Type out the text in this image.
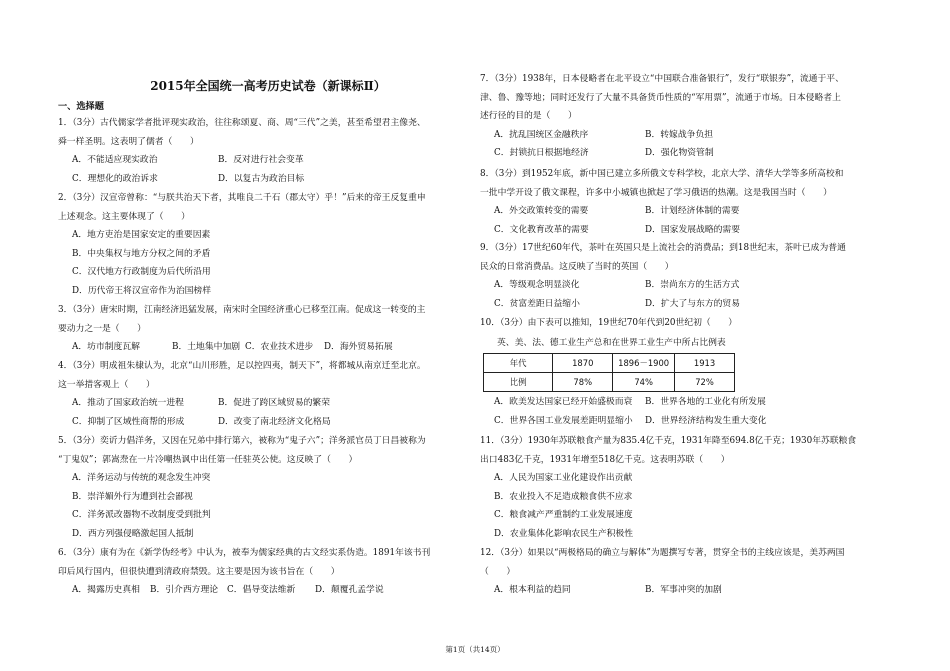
2015年全国统一高考历史试卷（新课标Ⅱ）
一、选择题
1．（3分）古代儒家学者批评现实政治，往往称颂夏、商、周“三代”之美，甚至希望君主像尧、
舜一样圣明。这表明了儒者（　　）
A．不能适应现实政治	B．反对进行社会变革
C．理想化的政治诉求	D．以复古为政治目标
2．（3分）汉宣帝曾称：“与朕共治天下者，其唯良二千石（郡太守）乎！”后来的帝王反复重申
上述观念。这主要体现了（　　）
A．地方吏治是国家安定的重要因素
B．中央集权与地方分权之间的矛盾
C．汉代地方行政制度为后代所沿用
D．历代帝王将汉宣帝作为治国榜样
3．（3分）唐宋时期，江南经济迅猛发展，南宋时全国经济重心已移至江南。促成这一转变的主
要动力之一是（　　）
A．坊市制度瓦解	B．土地集中加剧 C．农业技术进步 D．海外贸易拓展
4．（3分）明成祖朱棣认为，北京“山川形胜，足以控四夷，制天下”，将都城从南京迁至北京。
这一举措客观上（　　）
A．推动了国家政治统一进程	B．促进了跨区域贸易的繁荣
C．抑制了区域性商帮的形成	D．改变了南北经济文化格局
5．（3分）奕䜣力倡洋务，又因在兄弟中排行第六，被称为“鬼子六”；洋务派官员丁日昌被称为
“丁鬼奴”；郭嵩焘在一片冷嘲热讽中出任第一任驻英公使。这反映了（　　）
A．洋务运动与传统的观念发生冲突
B．崇洋媚外行为遭到社会鄙视
C．洋务派改器物不改制度受到批判
D．西方列强侵略激起国人抵制
6．（3分）康有为在《新学伪经考》中认为，被奉为儒家经典的古文经实系伪造。1891年该书刊
印后风行国内，但很快遭到清政府禁毁。这主要是因为该书旨在（　　）
A．揭露历史真相 B．引介西方理论 C．倡导变法维新 D．颠覆孔孟学说
7．（3分）1938年，日本侵略者在北平设立“中国联合准备银行”，发行“联银券”，流通于平、
津、鲁、豫等地；同时还发行了大量不具备货币性质的“军用票”，流通于市场。日本侵略者上
述行径的目的是（　　）
A．扰乱国统区金融秩序	B．转嫁战争负担
C．封锁抗日根据地经济	D．强化物资管制
8．（3分）到1952年底，新中国已建立多所俄文专科学校，北京大学、清华大学等多所高校和
一批中学开设了俄文课程，许多中小城镇也掀起了学习俄语的热潮。这是我国当时（　　）
A．外交政策转变的需要	B．计划经济体制的需要
C．文化教育改革的需要	D．国家发展战略的需要
9．（3分）17世纪60年代，茶叶在英国只是上流社会的消费品；到18世纪末，茶叶已成为普通
民众的日常消费品。这反映了当时的英国（　　）
A．等级观念明显淡化	B．崇尚东方的生活方式
C．贫富差距日益缩小	D．扩大了与东方的贸易
10．（3分）由下表可以推知，19世纪70年代到20世纪初（　　）
A．欧美发达国家已经开始盛极而衰 B．世界各地的工业化有所发展
C．世界各国工业发展差距明显缩小 D．世界经济结构发生重大变化
11．（3分）1930年苏联粮食产量为835.4亿千克，1931年降至694.8亿千克；1930年苏联粮食
出口483亿千克，1931年增至518亿千克。这表明苏联（　　）
A．人民为国家工业化建设作出贡献
B．农业投入不足造成粮食供不应求
C．粮食减产严重制约工业发展速度
D．农业集体化影响农民生产积极性
12．（3分）如果以“两极格局的确立与解体”为题撰写专著，贯穿全书的主线应该是，美苏两国
（　　）
A．根本利益的趋同	B．军事冲突的加剧
英、美、法、德工业生产总和在世界工业生产中所占比例表
年代	1870	1896－1900	1913
比例	78%	74%	72%
第1页（共14页）
